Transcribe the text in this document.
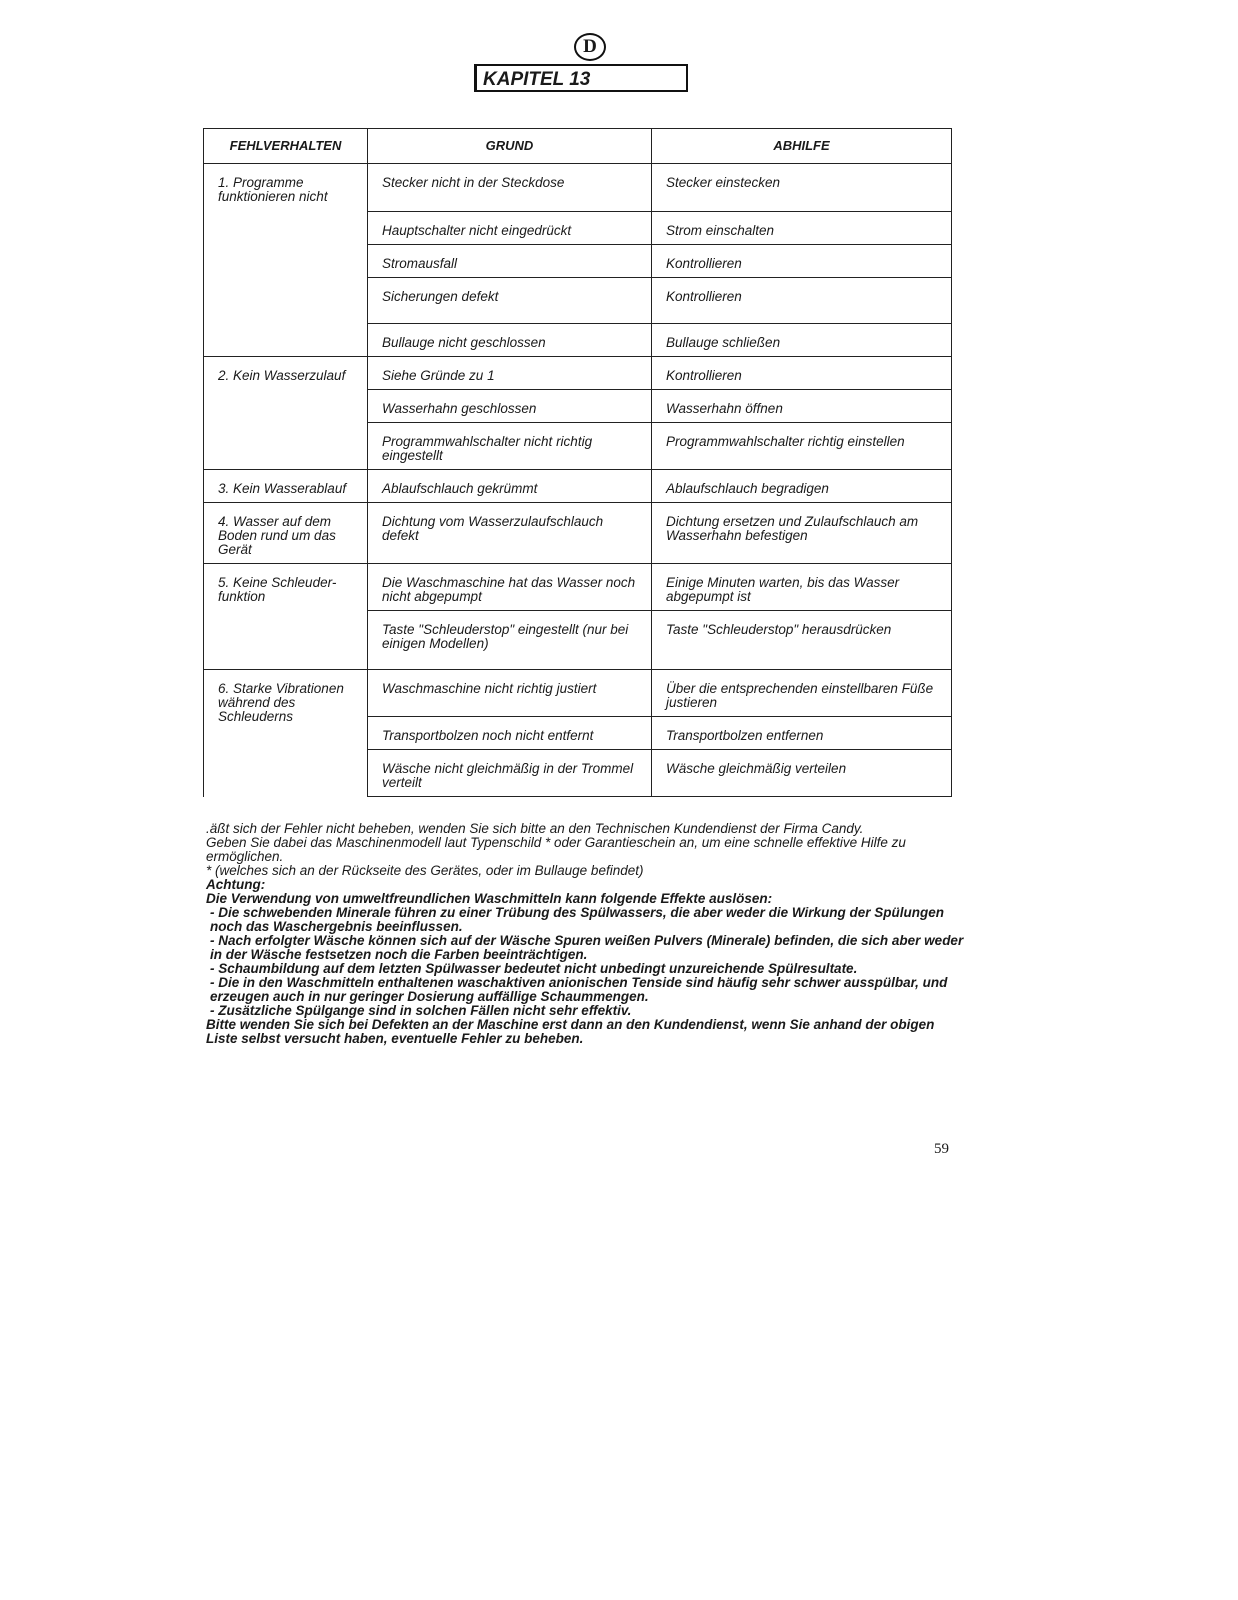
D
KAPITEL 13
FEHLVERHALTEN	GRUND	ABHILFE
1. Programme funktionieren nicht	Stecker nicht in der Steckdose	Stecker einstecken
	Hauptschalter nicht eingedrückt	Strom einschalten
	Stromausfall	Kontrollieren
	Sicherungen defekt	Kontrollieren
	Bullauge nicht geschlossen	Bullauge schließen
2. Kein Wasserzulauf	Siehe Gründe zu 1	Kontrollieren
	Wasserhahn geschlossen	Wasserhahn öffnen
	Programmwahlschalter nicht richtig eingestellt	Programmwahlschalter richtig einstellen
3. Kein Wasserablauf	Ablaufschlauch gekrümmt	Ablaufschlauch begradigen
4. Wasser auf dem Boden rund um das Gerät	Dichtung vom Wasserzulaufschlauch defekt	Dichtung ersetzen und Zulaufschlauch am Wasserhahn befestigen
5. Keine Schleuder-funktion	Die Waschmaschine hat das Wasser noch nicht abgepumpt	Einige Minuten warten, bis das Wasser abgepumpt ist
	Taste "Schleuderstop" eingestellt (nur bei einigen Modellen)	Taste "Schleuderstop" herausdrücken
6. Starke Vibrationen während des Schleuderns	Waschmaschine nicht richtig justiert	Über die entsprechenden einstellbaren Füße justieren
	Transportbolzen noch nicht entfernt	Transportbolzen entfernen
	Wäsche nicht gleichmäßig in der Trommel verteilt	Wäsche gleichmäßig verteilen

.äßt sich der Fehler nicht beheben, wenden Sie sich bitte an den Technischen Kundendienst der Firma Candy.

Geben Sie dabei das Maschinenmodell laut Typenschild * oder Garantieschein an, um eine schnelle effektive Hilfe zu ermöglichen.

* (welches sich an der Rückseite des Gerätes, oder im Bullauge befindet)

Achtung:

Die Verwendung von umweltfreundlichen Waschmitteln kann folgende Effekte auslösen:

- Die schwebenden Minerale führen zu einer Trübung des Spülwassers, die aber weder die Wirkung der Spülungen noch das Waschergebnis beeinflussen.

- Nach erfolgter Wäsche können sich auf der Wäsche Spuren weißen Pulvers (Minerale) befinden, die sich aber weder in der Wäsche festsetzen noch die Farben beeinträchtigen.

- Schaumbildung auf dem letzten Spülwasser bedeutet nicht unbedingt unzureichende Spülresultate.

- Die in den Waschmitteln enthaltenen waschaktiven anionischen Tenside sind häufig sehr schwer ausspülbar, und erzeugen auch in nur geringer Dosierung auffällige Schaummengen.

- Zusätzliche Spülgange sind in solchen Fällen nicht sehr effektiv.

Bitte wenden Sie sich bei Defekten an der Maschine erst dann an den Kundendienst, wenn Sie anhand der obigen Liste selbst versucht haben, eventuelle Fehler zu beheben.

59
